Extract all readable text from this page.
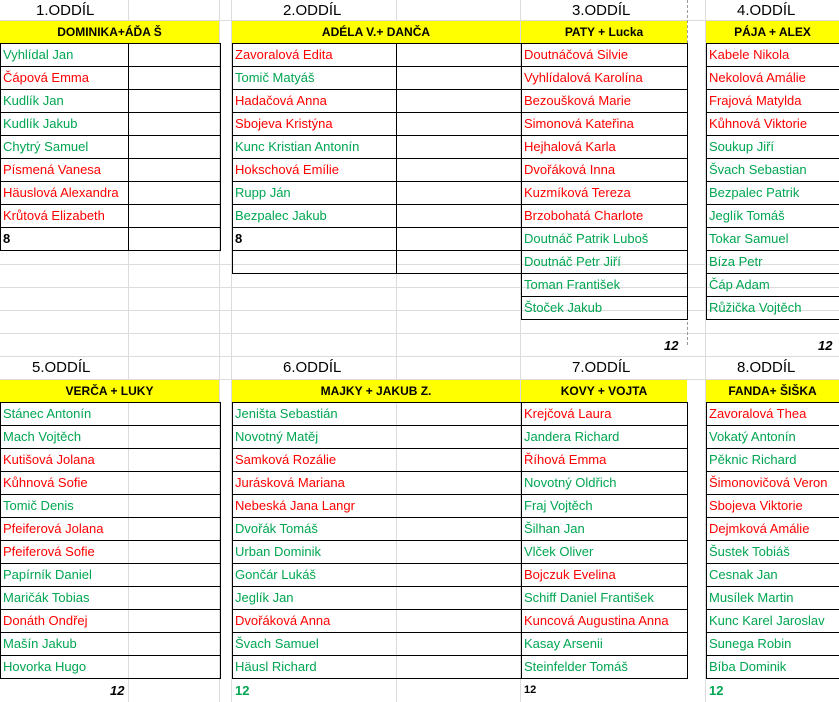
1.ODDÍL
DOMINIKA+ÁĎA Š
Vyhlídal Jan	
Čápová Emma	
Kudlík Jan	
Kudlík Jakub	
Chytrý Samuel	
Písmená Vanesa	
Häuslová Alexandra	
Krůtová Elizabeth	
8	
2.ODDÍL
ADÉLA V.+ DANČA
Zavoralová Edita	
Tomič Matyáš	
Hadačová Anna	
Sbojeva Kristýna	
Kunc Kristian Antonín	
Hokschová Emílie	
Rupp Ján	
Bezpalec Jakub	
8	

3.ODDÍL
PATY + Lucka
Doutnáčová Silvie
Vyhlídalová Karolína
Bezoušková Marie
Simonová Kateřina
Hejhalová Karla
Dvořáková Inna
Kuzmíková Tereza
Brzobohatá Charlote
Doutnáč Patrik Luboš
Doutnáč Petr Jiří
Toman František
Štoček Jakub
12
4.ODDÍL
PÁJA + ALEX
Kabele Nikola
Nekolová Amálie
Frajová Matylda
Kůhnová Viktorie
Soukup Jiří
Švach Sebastian
Bezpalec Patrik
Jeglík Tomáš
Tokar Samuel
Bíza Petr
Čáp Adam
Růžička Vojtěch
12
5.ODDÍL
VERČA + LUKY
Stánec Antonín
Mach Vojtěch
Kutišová Jolana
Kůhnová Sofie
Tomič Denis
Pfeiferová Jolana
Pfeiferová Sofie
Papírník Daniel
Maričák Tobias
Donáth Ondřej
Mašín Jakub
Hovorka Hugo
12
6.ODDÍL
MAJKY + JAKUB Z.
Jeništa Sebastián
Novotný Matěj
Samková Rozálie
Jurásková Mariana
Nebeská Jana Langr
Dvořák Tomáš
Urban Dominik
Gončár Lukáš
Jeglík Jan
Dvořáková Anna
Švach Samuel
Häusl Richard
12
7.ODDÍL
KOVY + VOJTA
Krejčová Laura
Jandera Richard
Říhová Emma
Novotný Oldřich
Fraj Vojtěch
Šilhan Jan
Vlček Oliver
Bojczuk Evelina
Schiff Daniel František
Kuncová Augustina Anna
Kasay Arsenii
Steinfelder Tomáš
12
8.ODDÍL
FANDA+ ŠIŠKA
Zavoralová Thea
Vokatý Antonín
Pěknic Richard
Šimonovičová Veron
Sbojeva Viktorie
Dejmková Amálie
Šustek Tobiáš
Cesnak Jan
Musílek Martin
Kunc Karel Jaroslav
Sunega Robin
Bíba Dominik
12
